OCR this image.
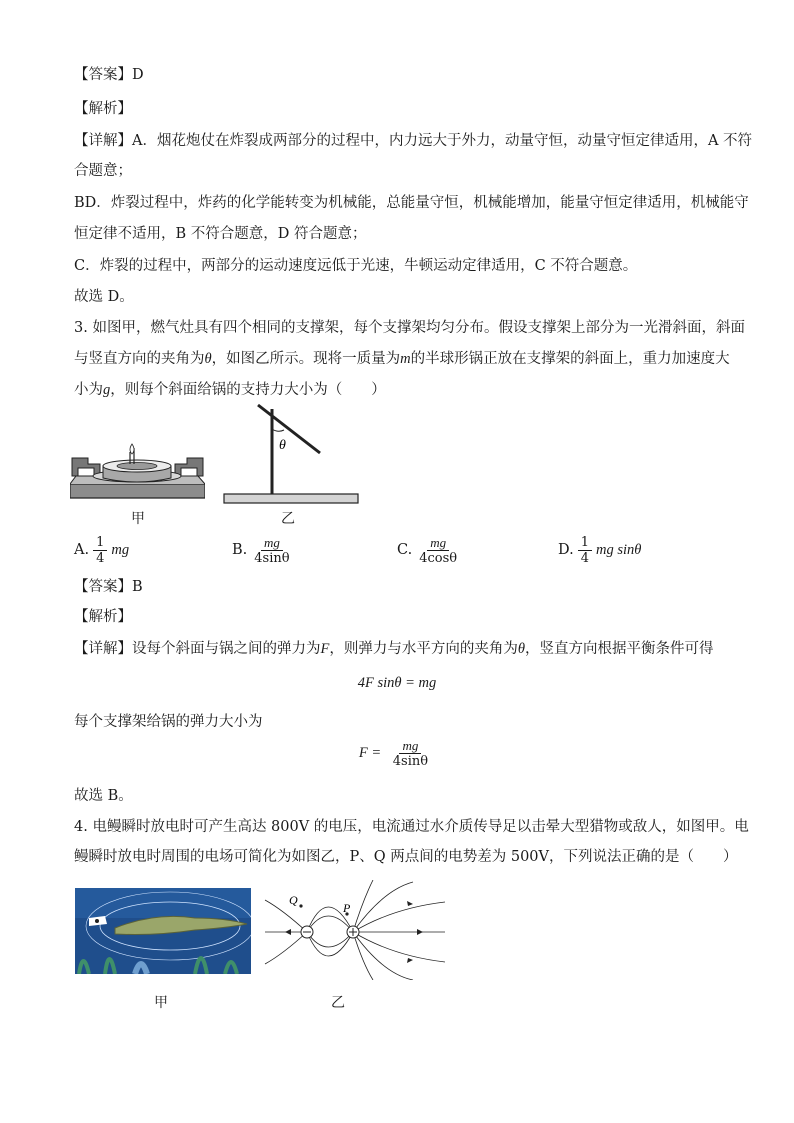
【答案】D
【解析】
【详解】A．烟花炮仗在炸裂成两部分的过程中，内力远大于外力，动量守恒，动量守恒定律适用，A 不符
合题意；
BD．炸裂过程中，炸药的化学能转变为机械能，总能量守恒，机械能增加，能量守恒定律适用，机械能守
恒定律不适用，B 不符合题意，D 符合题意；
C．炸裂的过程中，两部分的运动速度远低于光速，牛顿运动定律适用，C 不符合题意。
故选 D。
3. 如图甲，燃气灶具有四个相同的支撑架，每个支撑架均匀分布。假设支撑架上部分为一光滑斜面，斜面
与竖直方向的夹角为θ，如图乙所示。现将一质量为m的半球形锅正放在支撑架的斜面上，重力加速度大
小为g，则每个斜面给锅的支持力大小为（　　）
甲
θ
乙
A. $\frac{1}{4}$ mg	B. $\frac{mg}{4\sin\theta}$	C. $\frac{mg}{4\cos\theta}$	D. $\frac{1}{4}$ mg sinθ
【答案】B
【解析】
【详解】设每个斜面与锅之间的弹力为F，则弹力与水平方向的夹角为θ，竖直方向根据平衡条件可得
4F sinθ = mg
每个支撑架给锅的弹力大小为
$F = \frac{mg}{4\sin\theta}$
故选 B。
4. 电鳗瞬时放电时可产生高达 800V 的电压，电流通过水介质传导足以击晕大型猎物或敌人，如图甲。电
鳗瞬时放电时周围的电场可简化为如图乙，P、Q 两点间的电势差为 500V，下列说法正确的是（　　）
甲
P
Q
乙
